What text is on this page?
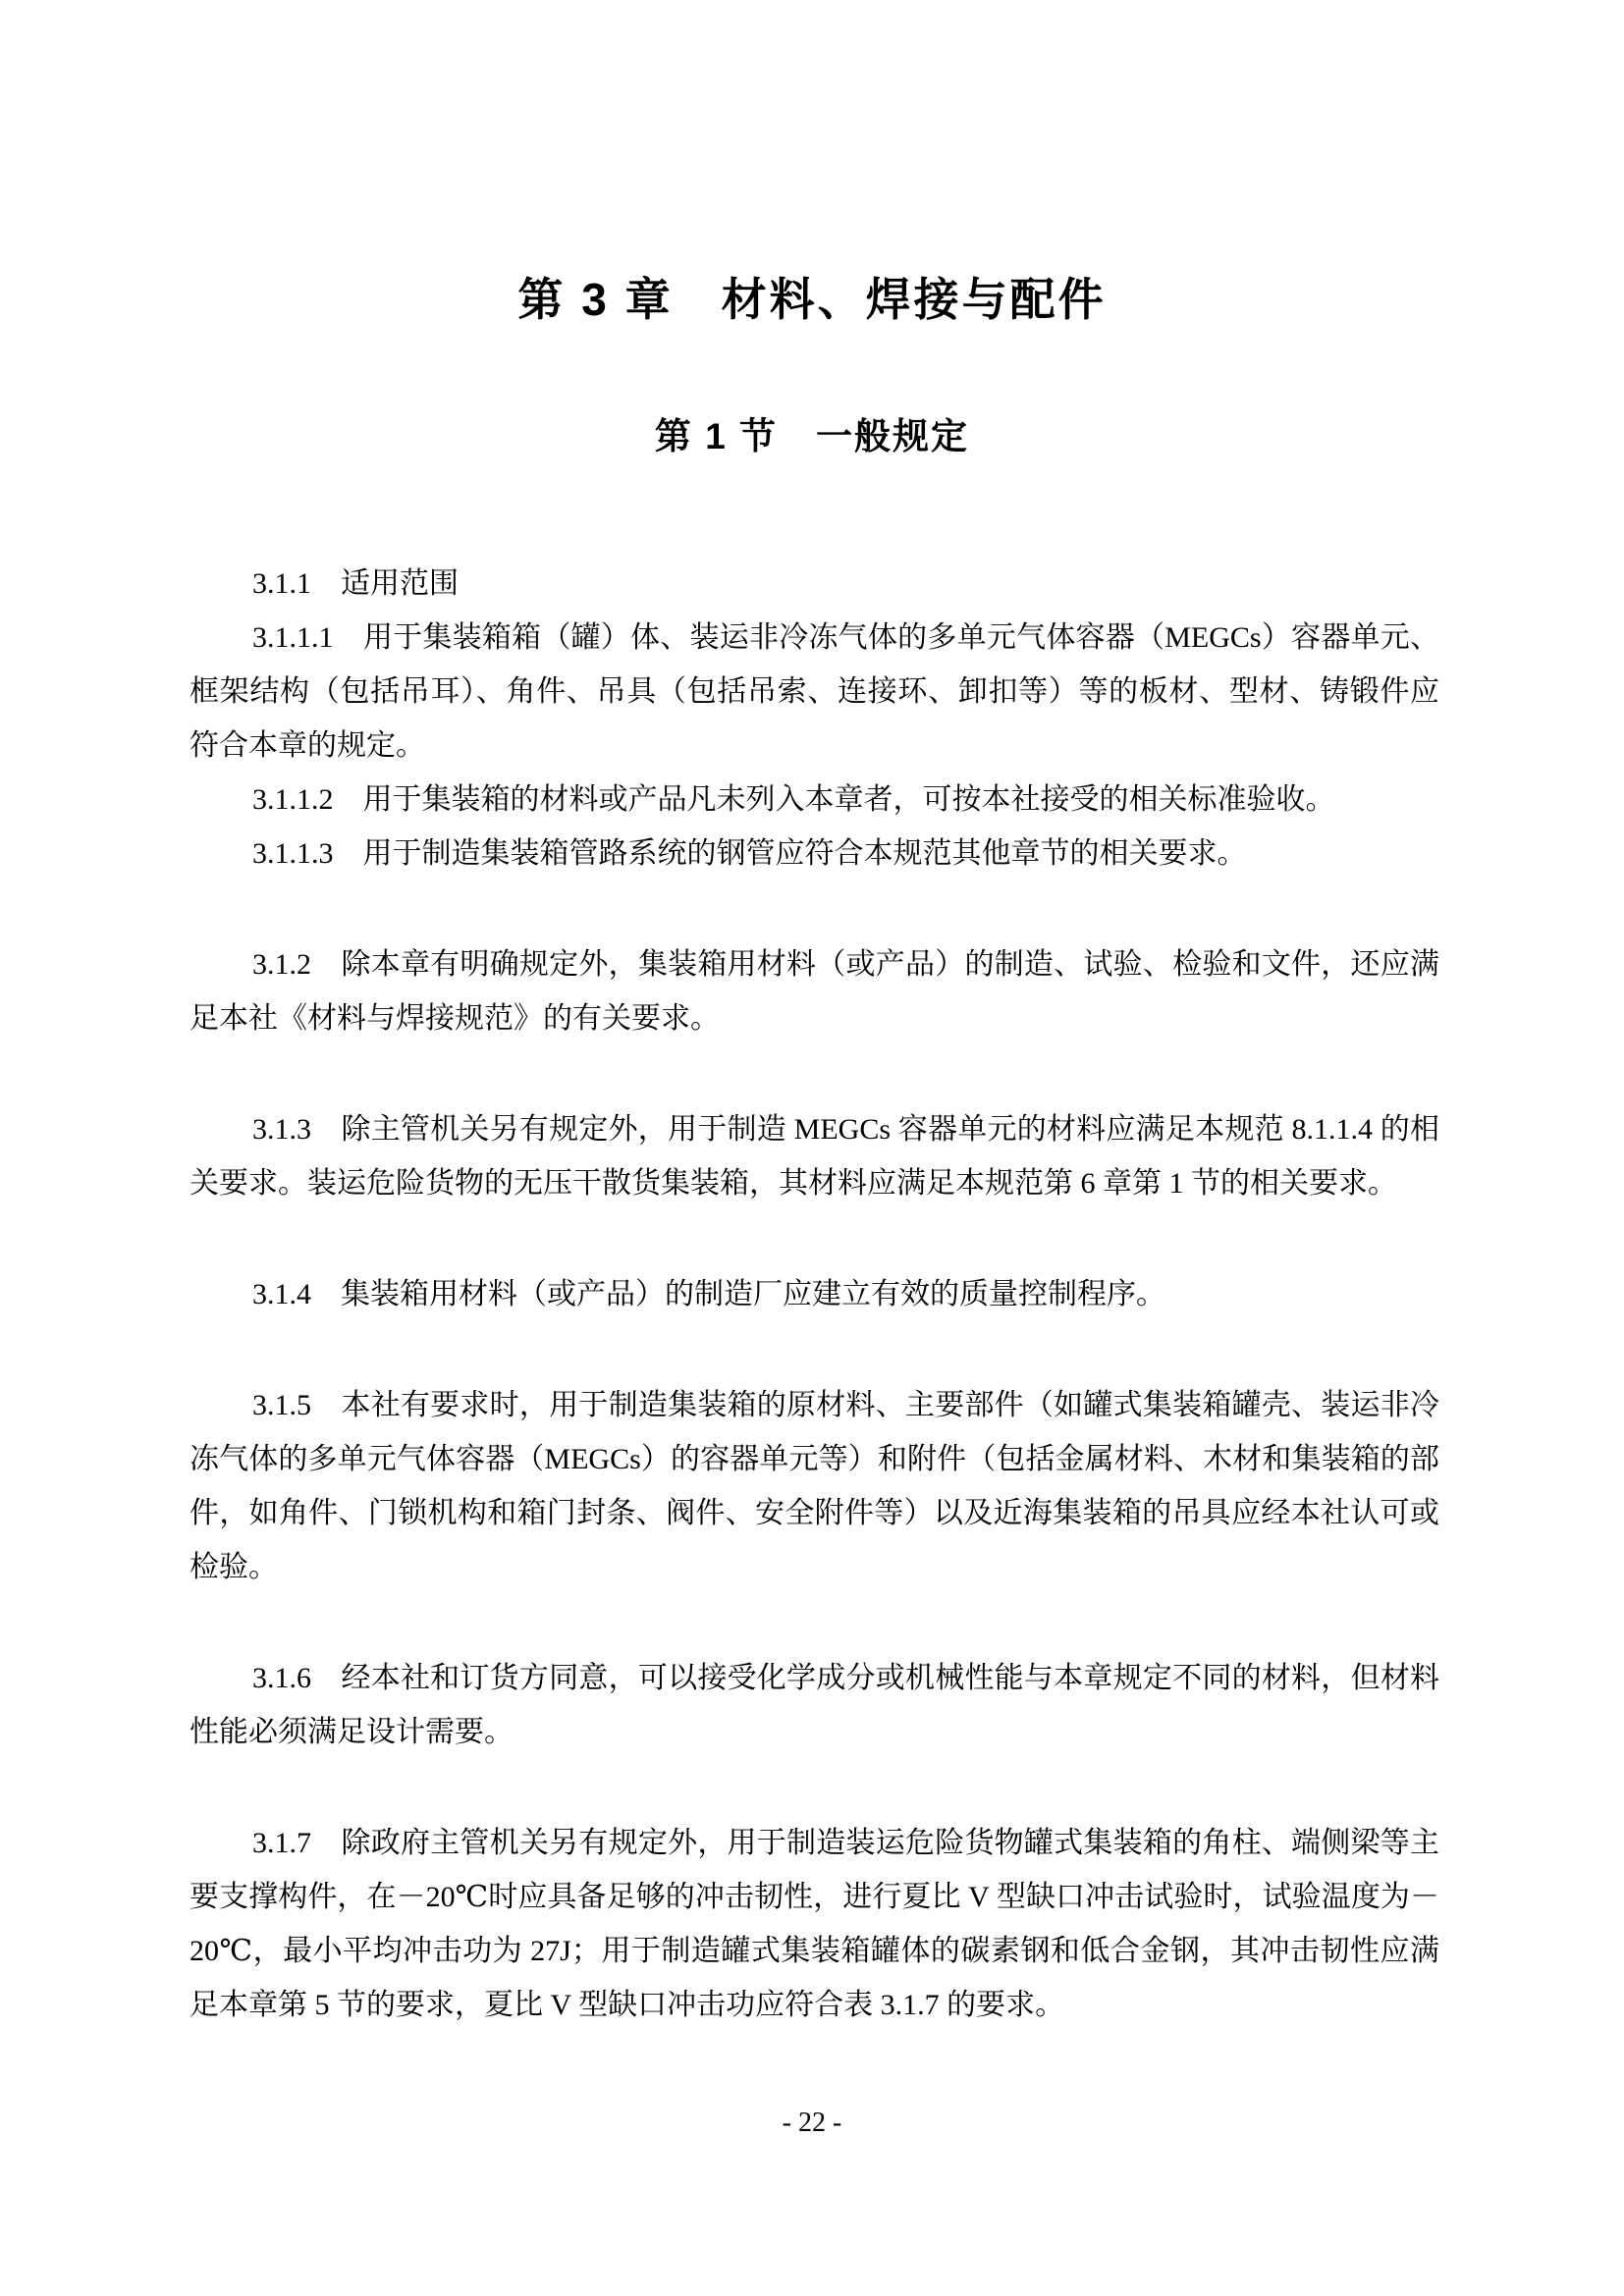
第 3 章　材料、焊接与配件
第 1 节　一般规定

3.1.1　适用范围

3.1.1.1　用于集装箱箱（罐）体、装运非冷冻气体的多单元气体容器（MEGCs）容器单元、框架结构（包括吊耳）、角件、吊具（包括吊索、连接环、卸扣等）等的板材、型材、铸锻件应符合本章的规定。

3.1.1.2　用于集装箱的材料或产品凡未列入本章者，可按本社接受的相关标准验收。

3.1.1.3　用于制造集装箱管路系统的钢管应符合本规范其他章节的相关要求。

3.1.2　除本章有明确规定外，集装箱用材料（或产品）的制造、试验、检验和文件，还应满足本社《材料与焊接规范》的有关要求。

3.1.3　除主管机关另有规定外，用于制造 MEGCs 容器单元的材料应满足本规范 8.1.1.4 的相关要求。装运危险货物的无压干散货集装箱，其材料应满足本规范第 6 章第 1 节的相关要求。

3.1.4　集装箱用材料（或产品）的制造厂应建立有效的质量控制程序。

3.1.5　本社有要求时，用于制造集装箱的原材料、主要部件（如罐式集装箱罐壳、装运非冷冻气体的多单元气体容器（MEGCs）的容器单元等）和附件（包括金属材料、木材和集装箱的部件，如角件、门锁机构和箱门封条、阀件、安全附件等）以及近海集装箱的吊具应经本社认可或检验。

3.1.6　经本社和订货方同意，可以接受化学成分或机械性能与本章规定不同的材料，但材料性能必须满足设计需要。

3.1.7　除政府主管机关另有规定外，用于制造装运危险货物罐式集装箱的角柱、端侧梁等主要支撑构件，在－20℃时应具备足够的冲击韧性，进行夏比 V 型缺口冲击试验时，试验温度为－20℃，最小平均冲击功为 27J；用于制造罐式集装箱罐体的碳素钢和低合金钢，其冲击韧性应满足本章第 5 节的要求，夏比 V 型缺口冲击功应符合表 3.1.7 的要求。

- 22 -
